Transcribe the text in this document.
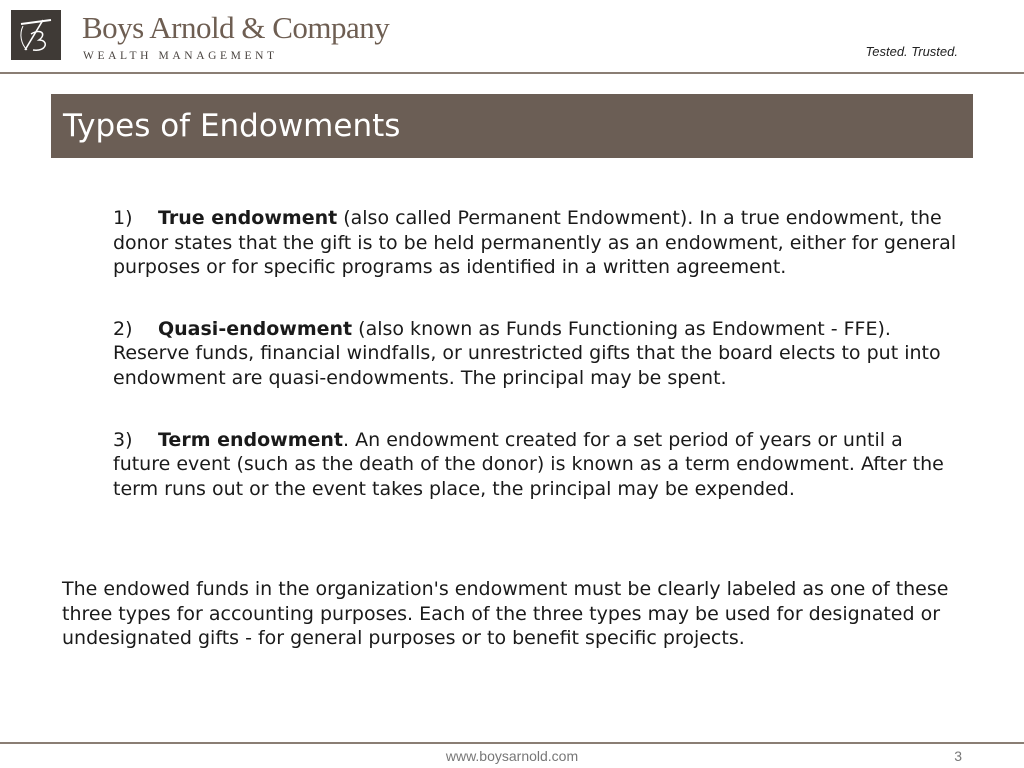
Boys Arnold & Company
WEALTH MANAGEMENT	Tested. Trusted.
Types of Endowments
1) True endowment (also called Permanent Endowment). In a true endowment, the donor states that the gift is to be held permanently as an endowment, either for general purposes or for specific programs as identified in a written agreement.
2) Quasi-endowment (also known as Funds Functioning as Endowment - FFE). Reserve funds, financial windfalls, or unrestricted gifts that the board elects to put into endowment are quasi-endowments. The principal may be spent.
3) Term endowment. An endowment created for a set period of years or until a future event (such as the death of the donor) is known as a term endowment. After the term runs out or the event takes place, the principal may be expended.
The endowed funds in the organization's endowment must be clearly labeled as one of these three types for accounting purposes. Each of the three types may be used for designated or undesignated gifts - for general purposes or to benefit specific projects.
www.boysarnold.com	3
